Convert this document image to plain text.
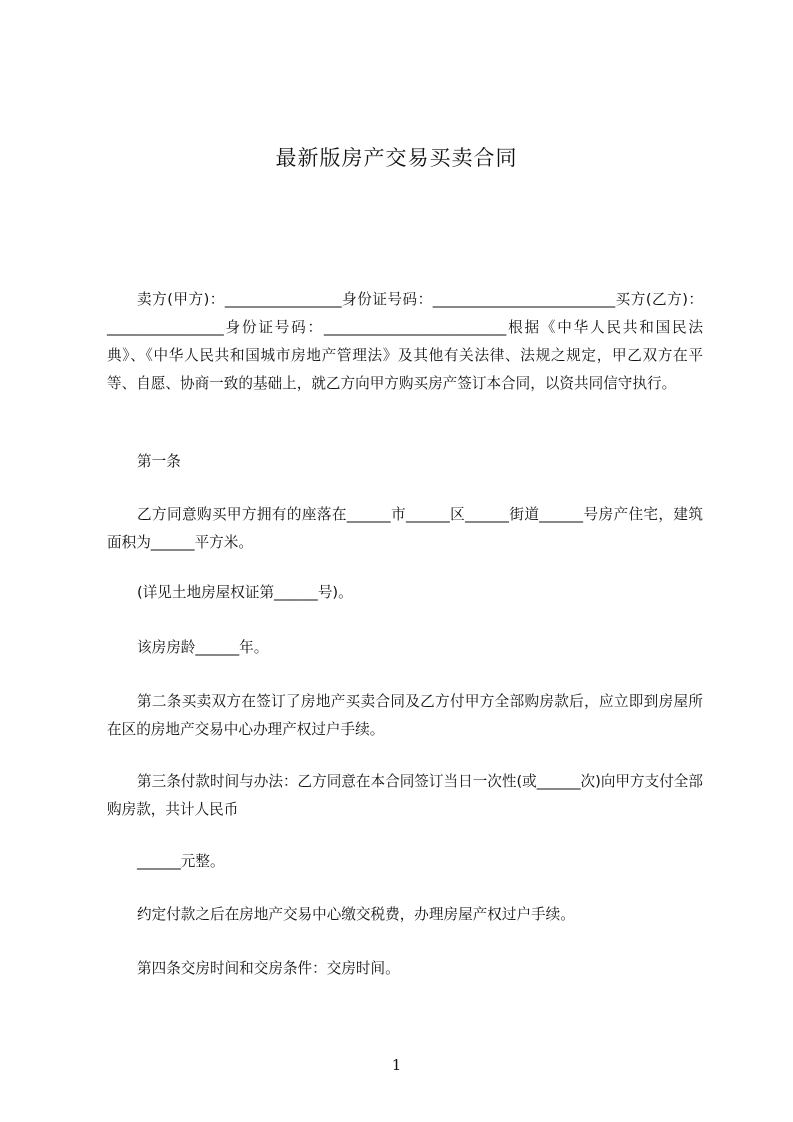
最新版房产交易买卖合同

卖方(甲方)：________________身份证号码：_________________________买方(乙方)：________________身份证号码：_________________________根据《中华人民共和国民法典》、《中华人民共和国城市房地产管理法》及其他有关法律、法规之规定，甲乙双方在平等、自愿、协商一致的基础上，就乙方向甲方购买房产签订本合同，以资共同信守执行。

第一条

乙方同意购买甲方拥有的座落在______市______区______街道______号房产住宅，建筑面积为______平方米。

(详见土地房屋权证第______号)。

该房房龄______年。

第二条买卖双方在签订了房地产买卖合同及乙方付甲方全部购房款后，应立即到房屋所在区的房地产交易中心办理产权过户手续。

第三条付款时间与办法：乙方同意在本合同签订当日一次性(或______次)向甲方支付全部购房款，共计人民币

______元整。

约定付款之后在房地产交易中心缴交税费，办理房屋产权过户手续。

第四条交房时间和交房条件：交房时间。

1
